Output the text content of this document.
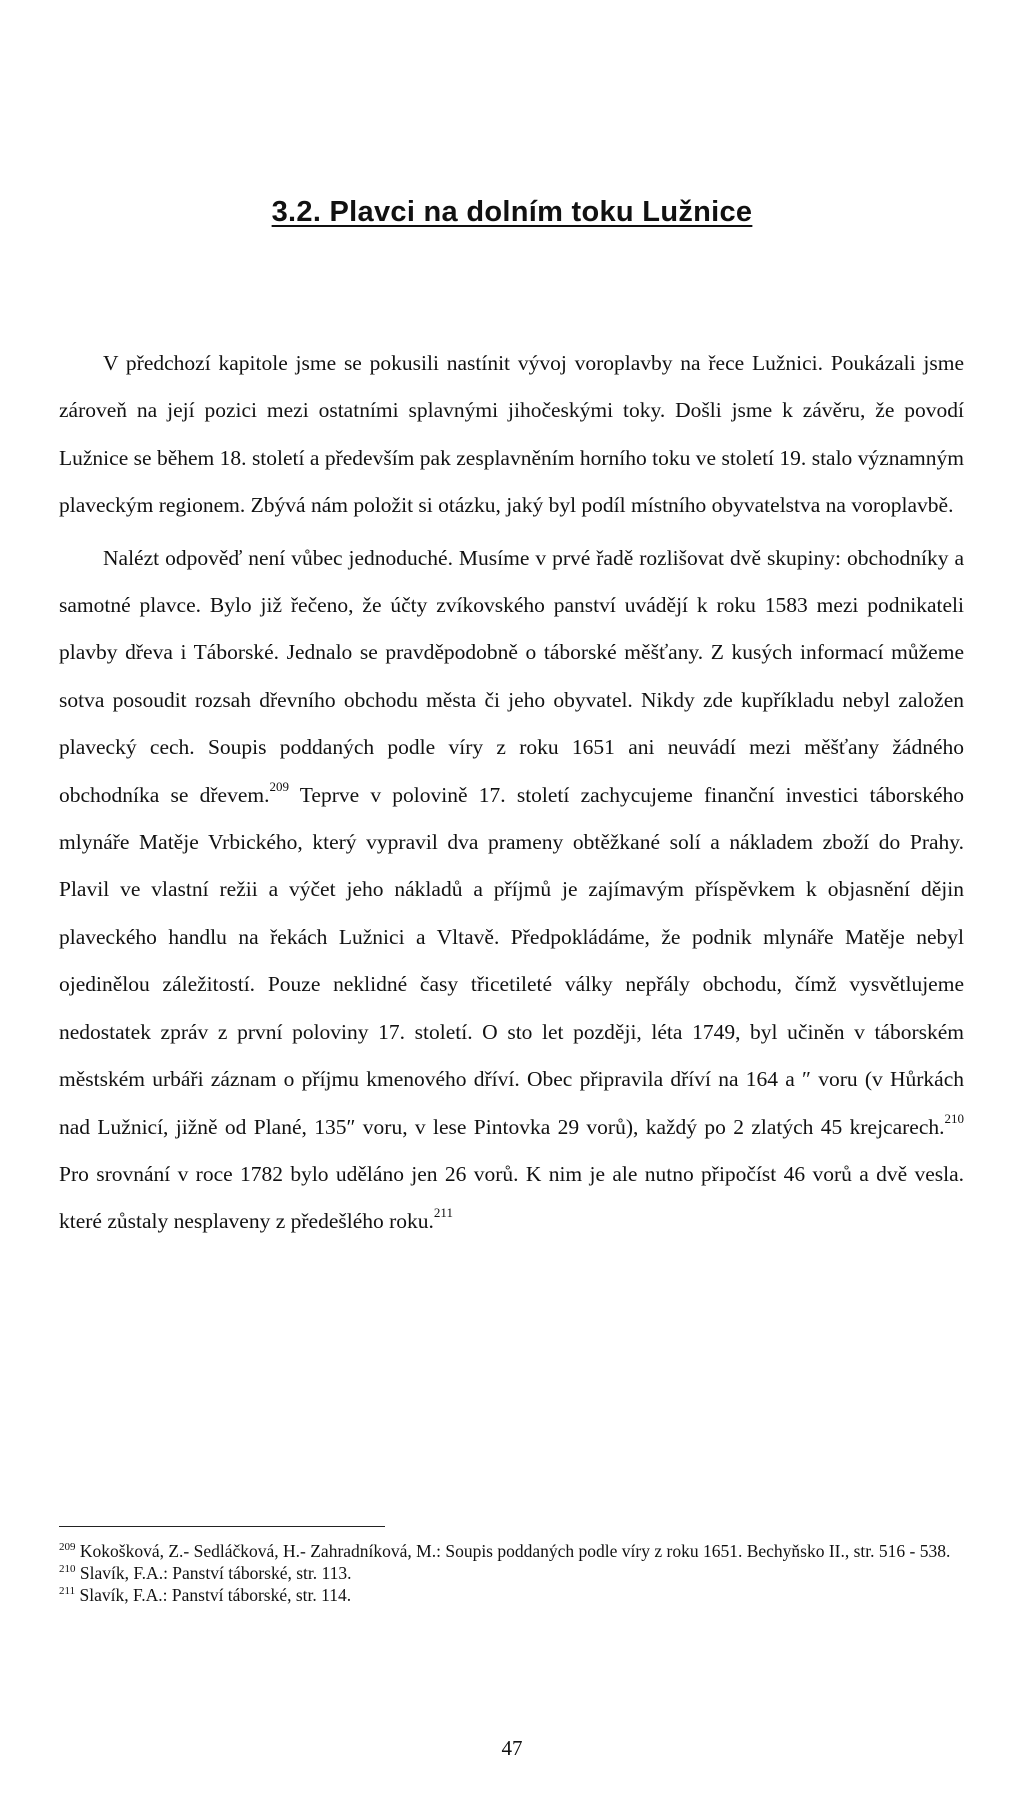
3.2. Plavci na dolním toku Lužnice

V předchozí kapitole jsme se pokusili nastínit vývoj voroplavby na řece Lužnici. Poukázali jsme zároveň na její pozici mezi ostatními splavnými jihočeskými toky. Došli jsme k závěru, že povodí Lužnice se během 18. století a především pak zesplavněním horního toku ve století 19. stalo významným plaveckým regionem. Zbývá nám položit si otázku, jaký byl podíl místního obyvatelstva na voroplavbě.

Nalézt odpověď není vůbec jednoduché. Musíme v prvé řadě rozlišovat dvě skupiny: obchodníky a samotné plavce. Bylo již řečeno, že účty zvíkovského panství uvádějí k roku 1583 mezi podnikateli plavby dřeva i Táborské. Jednalo se pravděpodobně o táborské měšťany. Z kusých informací můžeme sotva posoudit rozsah dřevního obchodu města či jeho obyvatel. Nikdy zde kupříkladu nebyl založen plavecký cech. Soupis poddaných podle víry z roku 1651 ani neuvádí mezi měšťany žádného obchodníka se dřevem.$^{209}$ Teprve v polovině 17. století zachycujeme finanční investici táborského mlynáře Matěje Vrbického, který vypravil dva prameny obtěžkané solí a nákladem zboží do Prahy. Plavil ve vlastní režii a výčet jeho nákladů a příjmů je zajímavým příspěvkem k objasnění dějin plaveckého handlu na řekách Lužnici a Vltavě. Předpokládáme, že podnik mlynáře Matěje nebyl ojedinělou záležitostí. Pouze neklidné časy třicetileté války nepřály obchodu, čímž vysvětlujeme nedostatek zpráv z první poloviny 17. století. O sto let později, léta 1749, byl učiněn v táborském městském urbáři záznam o příjmu kmenového dříví. Obec připravila dříví na 164 a ″ voru (v Hůrkách nad Lužnicí, jižně od Plané, 135″ voru, v lese Pintovka 29 vorů), každý po 2 zlatých 45 krejcarech.$^{210}$ Pro srovnání v roce 1782 bylo uděláno jen 26 vorů. K nim je ale nutno připočíst 46 vorů a dvě vesla. které zůstaly nesplaveny z předešlého roku.$^{211}$

$^{209}$ Kokošková, Z.- Sedláčková, H.- Zahradníková, M.: Soupis poddaných podle víry z roku 1651. Bechyňsko II., str. 516 - 538.
$^{210}$ Slavík, F.A.: Panství táborské, str. 113.
$^{211}$ Slavík, F.A.: Panství táborské, str. 114.
47
